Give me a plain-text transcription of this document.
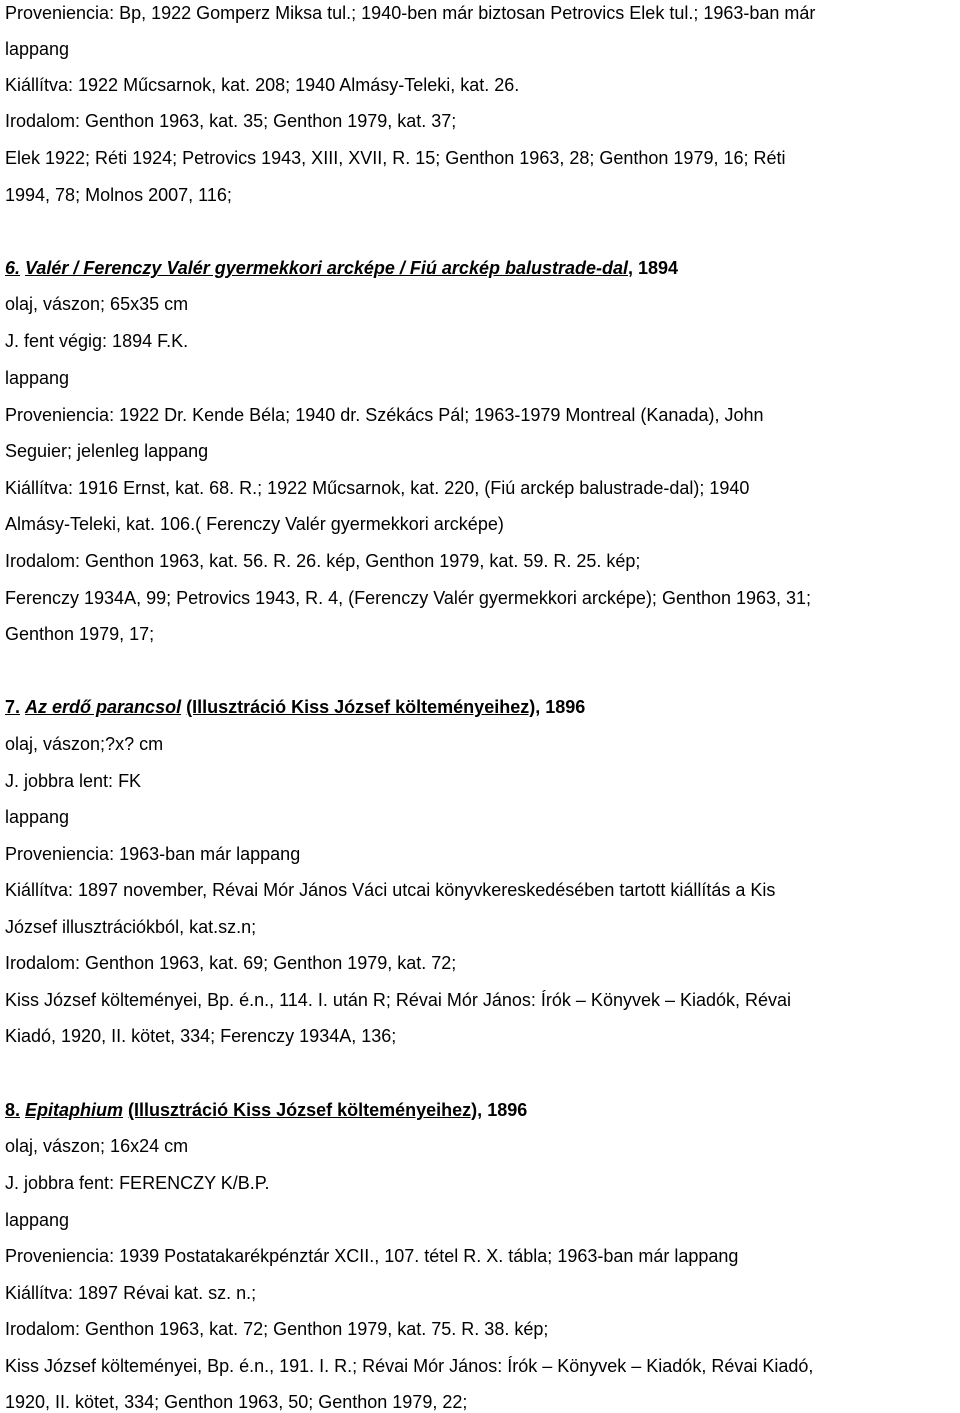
Proveniencia: Bp, 1922 Gomperz Miksa tul.; 1940-ben már biztosan Petrovics Elek tul.; 1963-ban már
lappang
Kiállítva: 1922 Műcsarnok, kat. 208; 1940 Almásy-Teleki, kat. 26.
Irodalom: Genthon 1963, kat. 35; Genthon 1979, kat. 37;
Elek 1922; Réti 1924; Petrovics 1943, XIII, XVII, R. 15; Genthon 1963, 28; Genthon 1979, 16; Réti
1994, 78; Molnos 2007, 116;
6. Valér / Ferenczy Valér gyermekkori arcképe / Fiú arckép balustrade-dal, 1894
olaj, vászon; 65x35 cm
J. fent végig: 1894 F.K.
lappang
Proveniencia: 1922 Dr. Kende Béla; 1940 dr. Székács Pál; 1963-1979 Montreal (Kanada), John
Seguier; jelenleg lappang
Kiállítva: 1916 Ernst, kat. 68. R.; 1922 Műcsarnok, kat. 220, (Fiú arckép balustrade-dal); 1940
Almásy-Teleki, kat. 106.( Ferenczy Valér gyermekkori arcképe)
Irodalom: Genthon 1963, kat. 56. R. 26. kép, Genthon 1979, kat. 59. R. 25. kép;
Ferenczy 1934A, 99; Petrovics 1943, R. 4, (Ferenczy Valér gyermekkori arcképe); Genthon 1963, 31;
Genthon 1979, 17;
7. Az erdő parancsol (Illusztráció Kiss József költeményeihez), 1896
olaj, vászon;?x? cm
J. jobbra lent: FK
lappang
Proveniencia: 1963-ban már lappang
Kiállítva: 1897 november, Révai Mór János Váci utcai könyvkereskedésében tartott kiállítás a Kis
József illusztrációkból, kat.sz.n;
Irodalom: Genthon 1963, kat. 69; Genthon 1979, kat. 72;
Kiss József költeményei, Bp. é.n., 114. I. után R; Révai Mór János: Írók – Könyvek – Kiadók, Révai
Kiadó, 1920, II. kötet, 334; Ferenczy 1934A, 136;
8. Epitaphium (Illusztráció Kiss József költeményeihez), 1896
olaj, vászon; 16x24 cm
J. jobbra fent: FERENCZY K/B.P.
lappang
Proveniencia: 1939 Postatakarékpénztár XCII., 107. tétel R. X. tábla; 1963-ban már lappang
Kiállítva: 1897 Révai kat. sz. n.;
Irodalom: Genthon 1963, kat. 72; Genthon 1979, kat. 75. R. 38. kép;
Kiss József költeményei, Bp. é.n., 191. I. R.; Révai Mór János: Írók – Könyvek – Kiadók, Révai Kiadó,
1920, II. kötet, 334; Genthon 1963, 50; Genthon 1979, 22;
